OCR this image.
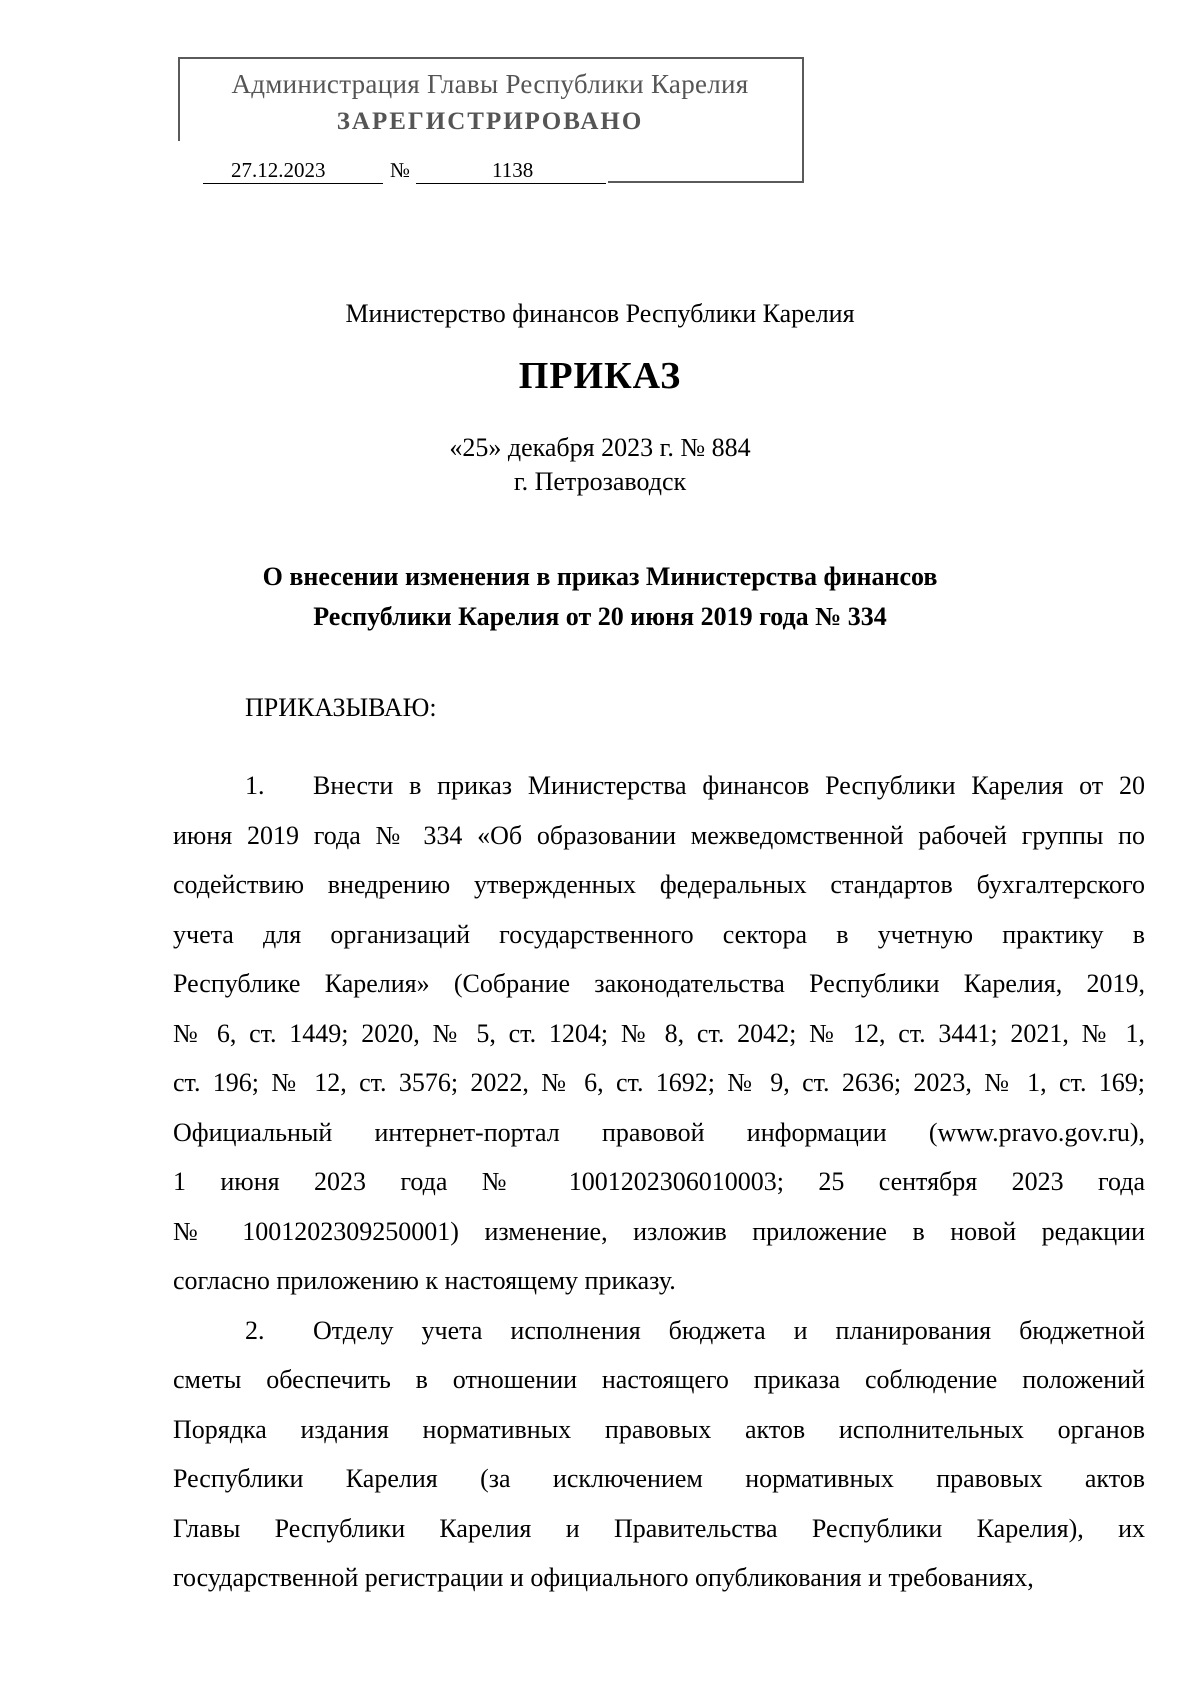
Администрация Главы Республики Карелия
ЗАРЕГИСТРИРОВАНО
27.12.2023	№	1138
Министерство финансов Республики Карелия
ПРИКАЗ
«25» декабря 2023 г. № 884
г. Петрозаводск
О внесении изменения в приказ Министерства финансов
Республики Карелия от 20 июня 2019 года № 334
ПРИКАЗЫВАЮ:
1. Внести в приказ Министерства финансов Республики Карелия от 20
июня 2019 года № 334 «Об образовании межведомственной рабочей группы по
содействию внедрению утвержденных федеральных стандартов бухгалтерского
учета для организаций государственного сектора в учетную практику в
Республике Карелия» (Собрание законодательства Республики Карелия, 2019,
№ 6, ст. 1449; 2020, № 5, ст. 1204; № 8, ст. 2042; № 12, ст. 3441; 2021, № 1,
ст. 196; № 12, ст. 3576; 2022, № 6, ст. 1692; № 9, ст. 2636; 2023, № 1, ст. 169;
Официальный интернет-портал правовой информации (www.pravo.gov.ru),
1 июня 2023 года № 1001202306010003; 25 сентября 2023 года
№ 1001202309250001) изменение, изложив приложение в новой редакции
согласно приложению к настоящему приказу.
2. Отделу учета исполнения бюджета и планирования бюджетной
сметы обеспечить в отношении настоящего приказа соблюдение положений
Порядка издания нормативных правовых актов исполнительных органов
Республики Карелия (за исключением нормативных правовых актов
Главы Республики Карелия и Правительства Республики Карелия), их
государственной регистрации и официального опубликования и требованиях,
